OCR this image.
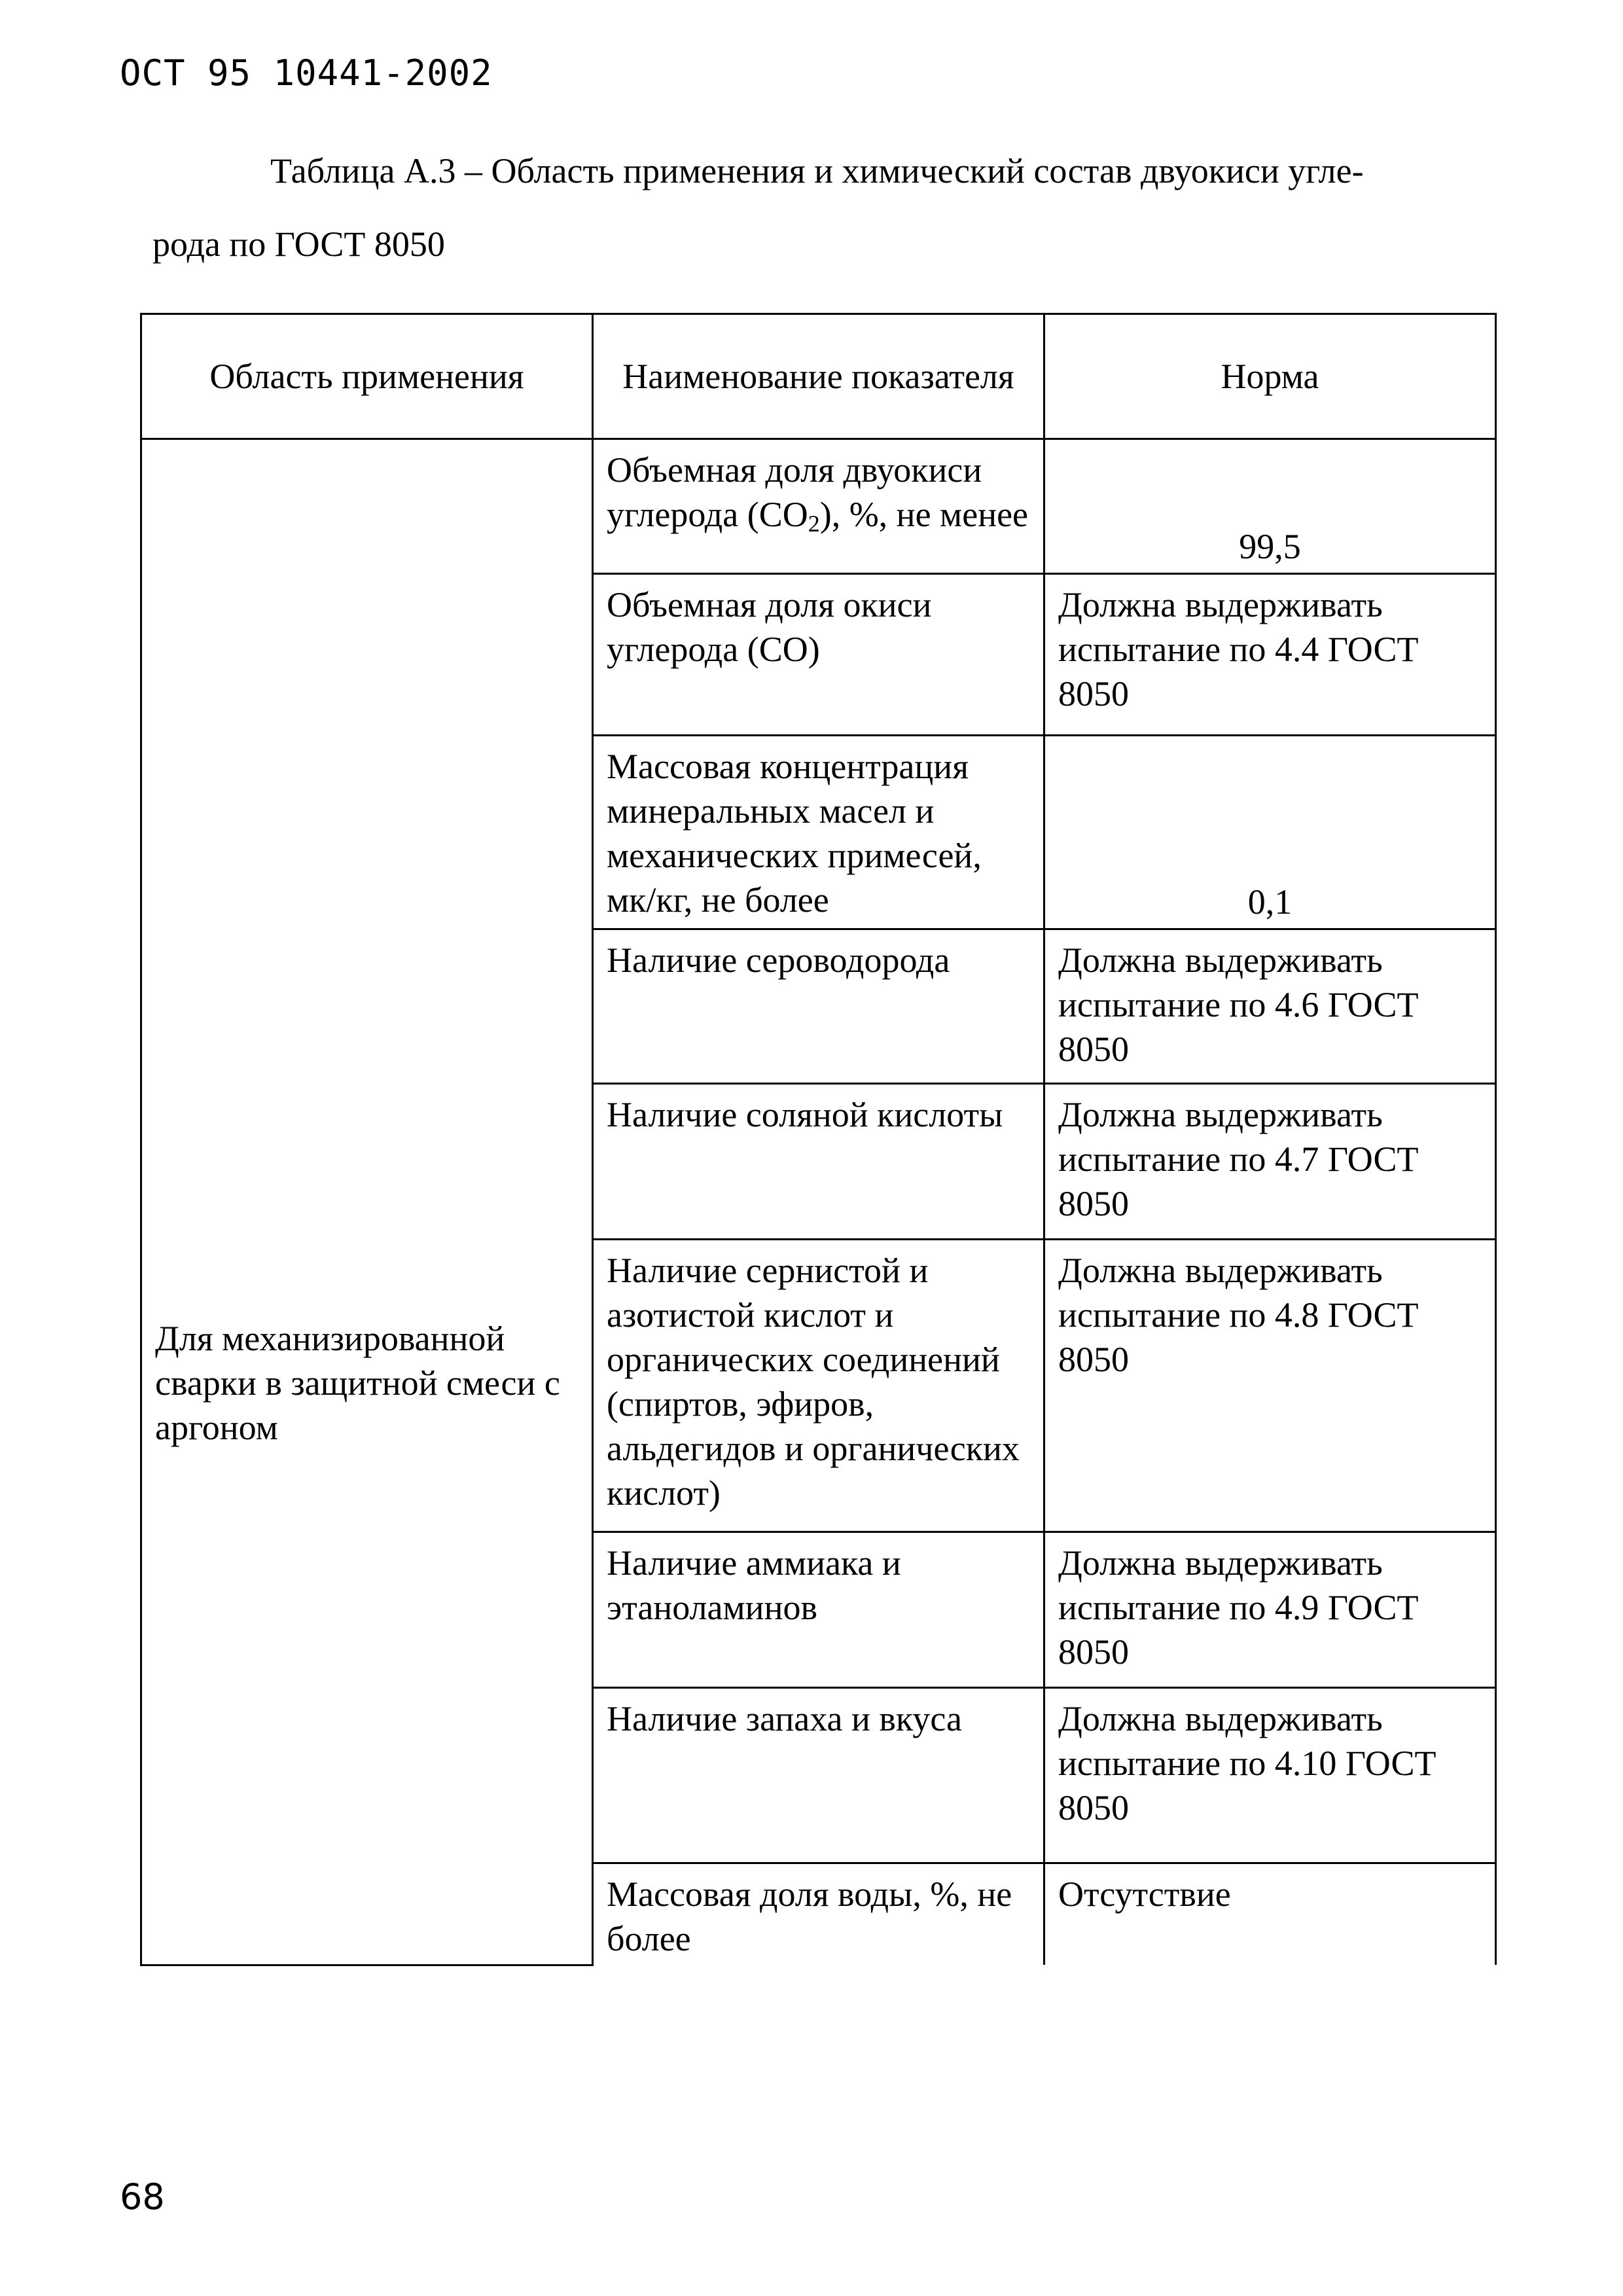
ОСТ 95 10441-2002

Таблица А.3 – Область применения и химический состав двуокиси угле-
рода по ГОСТ 8050

Область применения	Наименование показателя	Норма
Для механизированной сварки в защитной смеси с аргоном	Объемная доля двуокиси углерода $(CO_2)$, %, не менее	99,5
	Объемная доля окиси углерода (CO)	Должна выдерживать испытание по 4.4 ГОСТ 8050
	Массовая концентрация минеральных масел и механических примесей, мк/кг, не более	0,1
	Наличие сероводорода	Должна выдерживать испытание по 4.6 ГОСТ 8050
	Наличие соляной кислоты	Должна выдерживать испытание по 4.7 ГОСТ 8050
	Наличие сернистой и азотистой кислот и органических соединений (спиртов, эфиров, альдегидов и органических кислот)	Должна выдерживать испытание по 4.8 ГОСТ 8050
	Наличие аммиака и этаноламинов	Должна выдерживать испытание по 4.9 ГОСТ 8050
	Наличие запаха и вкуса	Должна выдерживать испытание по 4.10 ГОСТ 8050
	Массовая доля воды, %, не более	Отсутствие

68
